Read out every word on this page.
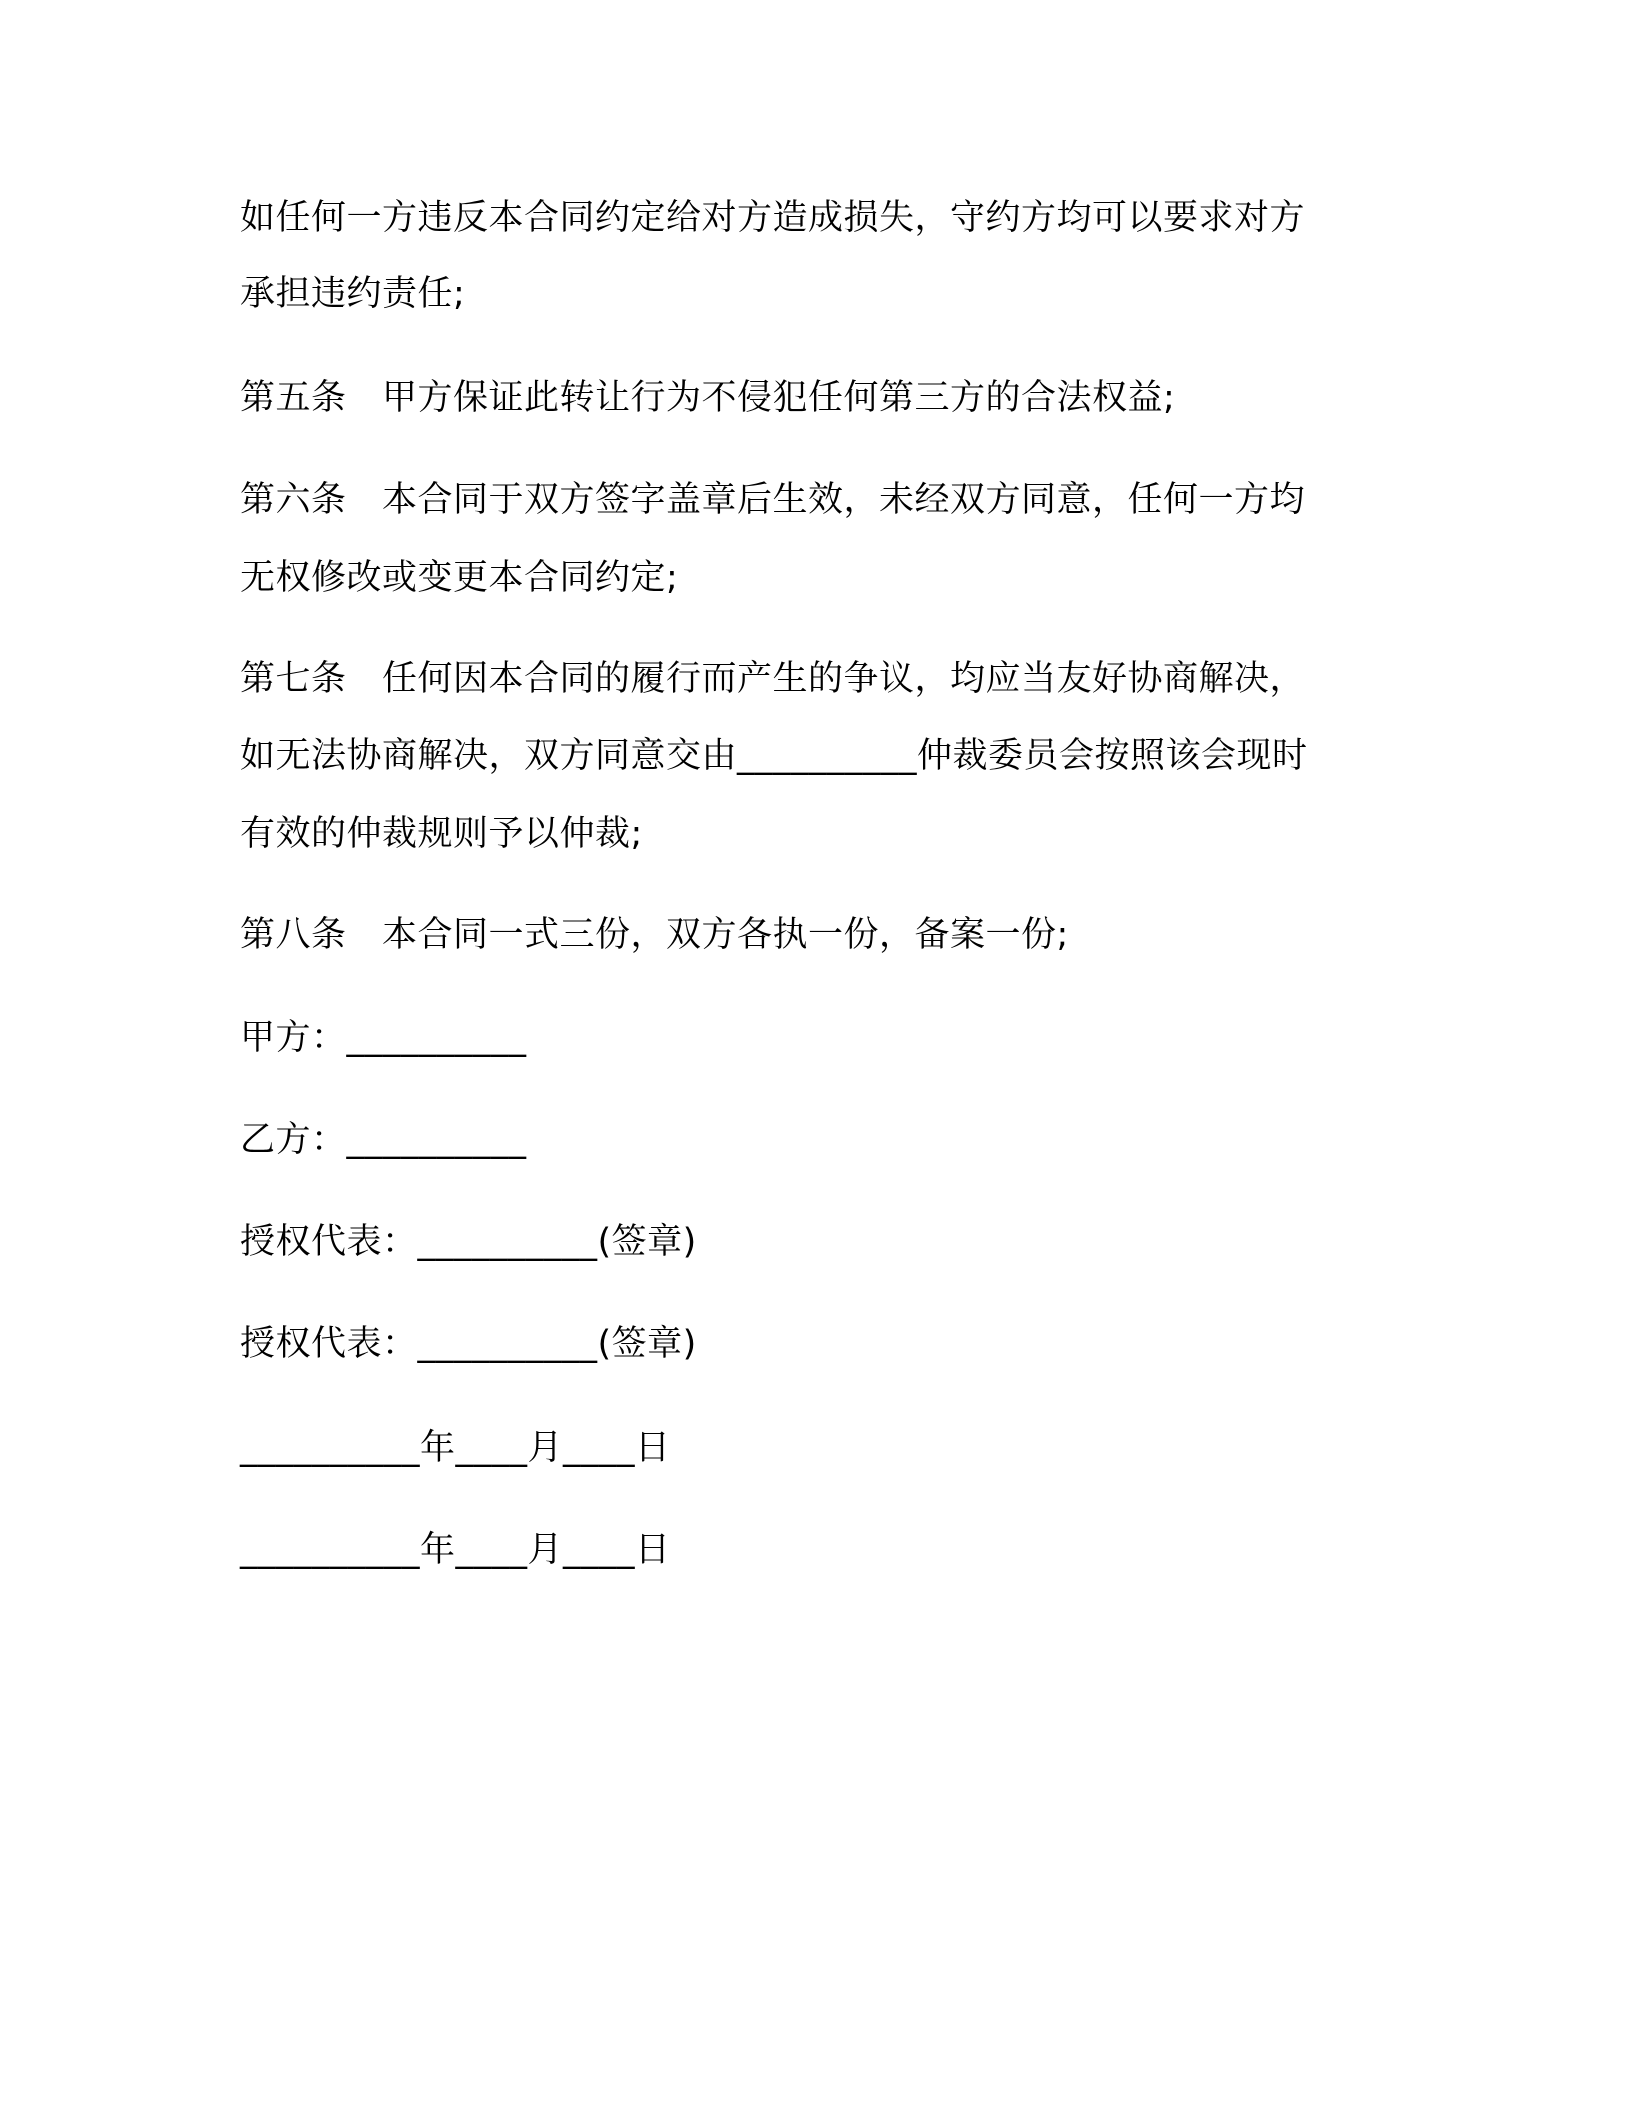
如任何一方违反本合同约定给对方造成损失，守约方均可以要求对方
承担违约责任;
第五条　甲方保证此转让行为不侵犯任何第三方的合法权益;
第六条　本合同于双方签字盖章后生效，未经双方同意，任何一方均
无权修改或变更本合同约定;
第七条　任何因本合同的履行而产生的争议，均应当友好协商解决，
如无法协商解决，双方同意交由__________仲裁委员会按照该会现时
有效的仲裁规则予以仲裁;
第八条　本合同一式三份，双方各执一份，备案一份;
甲方：__________
乙方：__________
授权代表：__________(签章)
授权代表：__________(签章)
__________年____月____日
__________年____月____日
